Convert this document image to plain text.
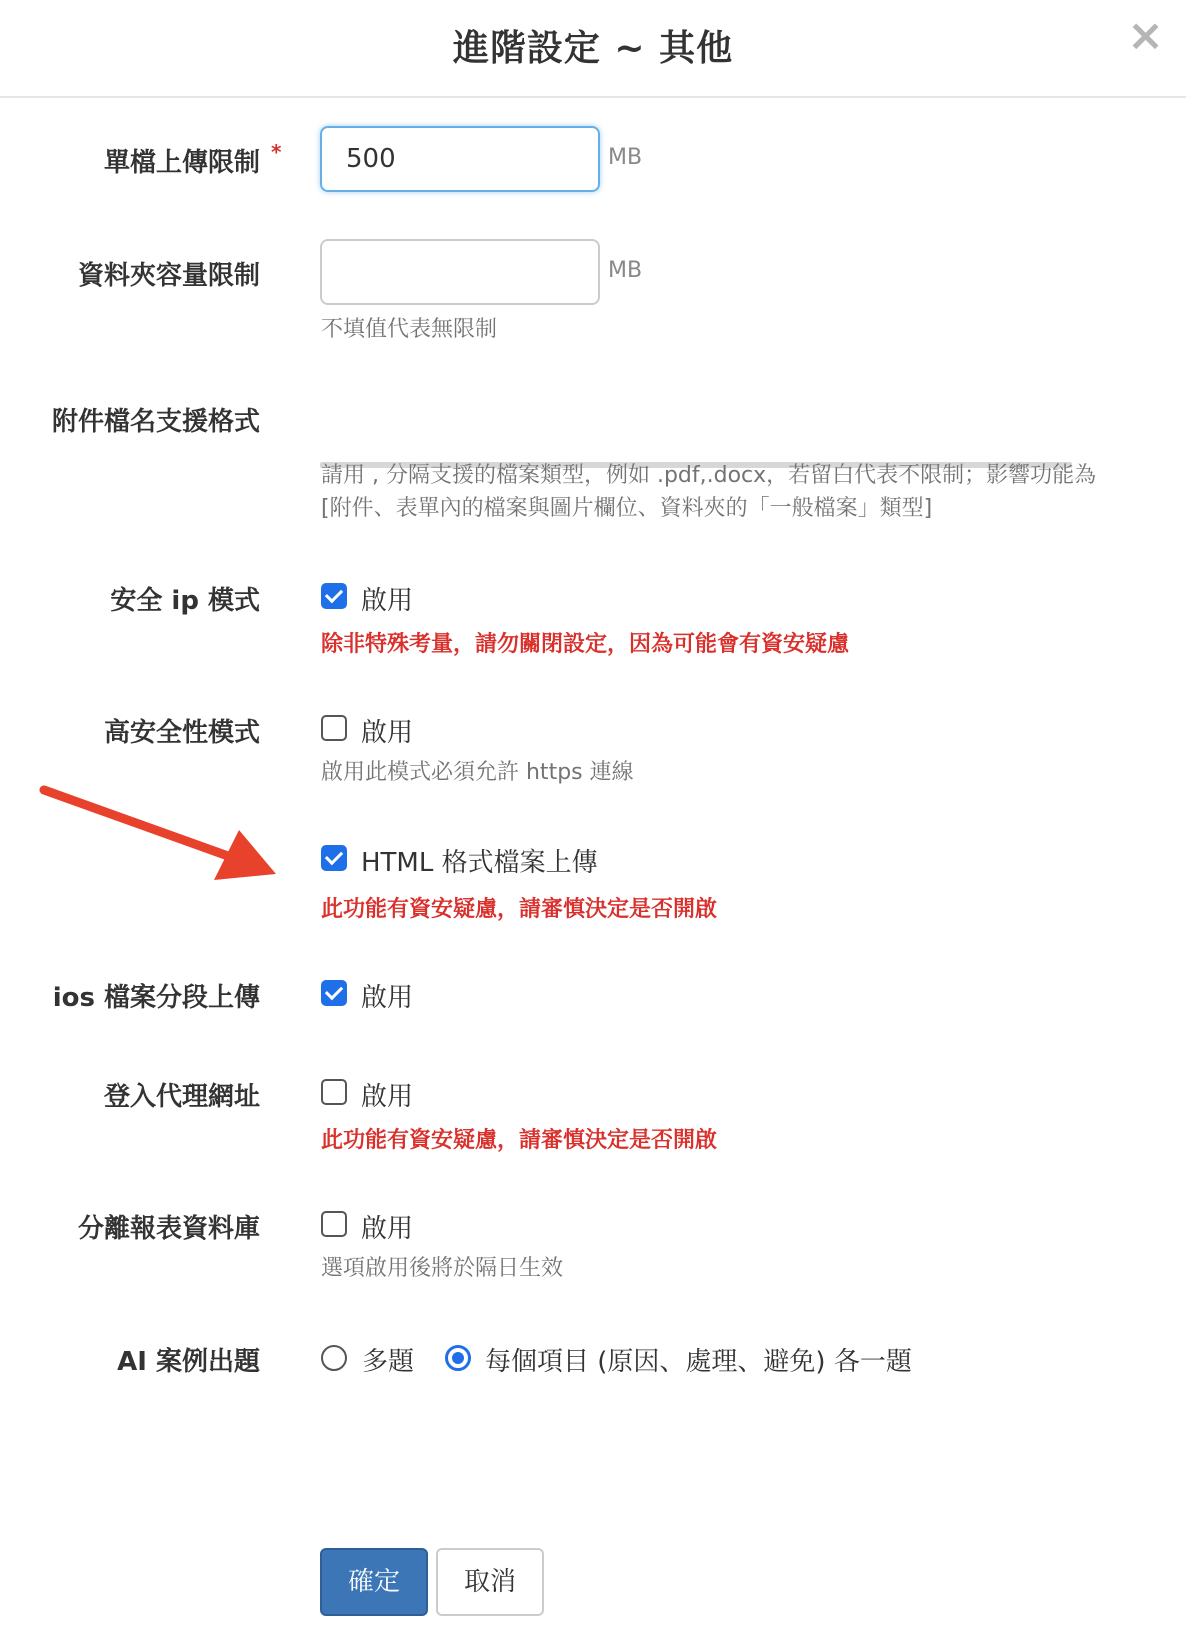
進階設定 ~ 其他	×
單檔上傳限制 *
500	MB
資料夾容量限制	MB
不填值代表無限制
附件檔名支援格式
請用 , 分隔支援的檔案類型，例如 .pdf,.docx，若留白代表不限制；影響功能為
[附件、表單內的檔案與圖片欄位、資料夾的「一般檔案」類型]
安全 ip 模式	啟用
除非特殊考量，請勿關閉設定，因為可能會有資安疑慮
高安全性模式	啟用
啟用此模式必須允許 https 連線
HTML 格式檔案上傳
此功能有資安疑慮，請審慎決定是否開啟
ios 檔案分段上傳	啟用
登入代理網址	啟用
此功能有資安疑慮，請審慎決定是否開啟
分離報表資料庫	啟用
選項啟用後將於隔日生效
AI 案例出題	多題	每個項目 (原因、處理、避免) 各一題
確定	取消
